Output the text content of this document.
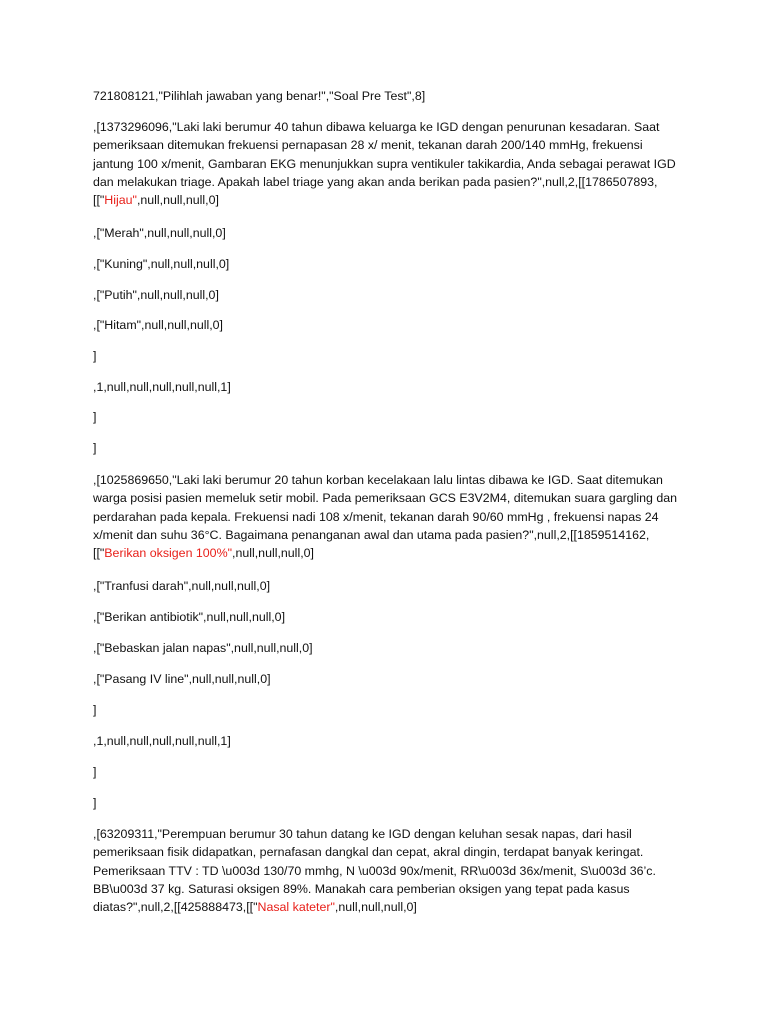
721808121,"Pilihlah jawaban yang benar!","Soal Pre Test",8]

,[1373296096,"Laki laki berumur 40 tahun dibawa keluarga ke IGD dengan penurunan kesadaran. Saat pemeriksaan ditemukan frekuensi pernapasan 28 x/ menit, tekanan darah 200/140 mmHg, frekuensi jantung 100 x/menit, Gambaran EKG menunjukkan supra ventikuler takikardia, Anda sebagai perawat IGD dan melakukan triage. Apakah label triage yang akan anda berikan pada pasien?",null,2,[[1786507893,[["Hijau",null,null,null,0]

,["Merah",null,null,null,0]

,["Kuning",null,null,null,0]

,["Putih",null,null,null,0]

,["Hitam",null,null,null,0]

]

,1,null,null,null,null,null,1]

]

]

,[1025869650,"Laki laki berumur 20 tahun korban kecelakaan lalu lintas dibawa ke IGD. Saat ditemukan warga posisi pasien memeluk setir mobil. Pada pemeriksaan GCS E3V2M4, ditemukan suara gargling dan perdarahan pada kepala. Frekuensi nadi 108 x/menit, tekanan darah 90/60 mmHg , frekuensi napas 24 x/menit dan suhu 36°C. Bagaimana penanganan awal dan utama pada pasien?",null,2,[[1859514162,[["Berikan oksigen 100%",null,null,null,0]

,["Tranfusi darah",null,null,null,0]

,["Berikan antibiotik",null,null,null,0]

,["Bebaskan jalan napas",null,null,null,0]

,["Pasang IV line",null,null,null,0]

]

,1,null,null,null,null,null,1]

]

]

,[63209311,"Perempuan berumur 30 tahun datang ke IGD dengan keluhan sesak napas, dari hasil pemeriksaan fisik didapatkan, pernafasan dangkal dan cepat, akral dingin, terdapat banyak keringat. Pemeriksaan TTV : TD \u003d 130/70 mmhg, N \u003d 90x/menit, RR\u003d 36x/menit, S\u003d 36’c. BB\u003d 37 kg. Saturasi oksigen 89%. Manakah cara pemberian oksigen yang tepat pada kasus diatas?",null,2,[[425888473,[["Nasal kateter",null,null,null,0]
